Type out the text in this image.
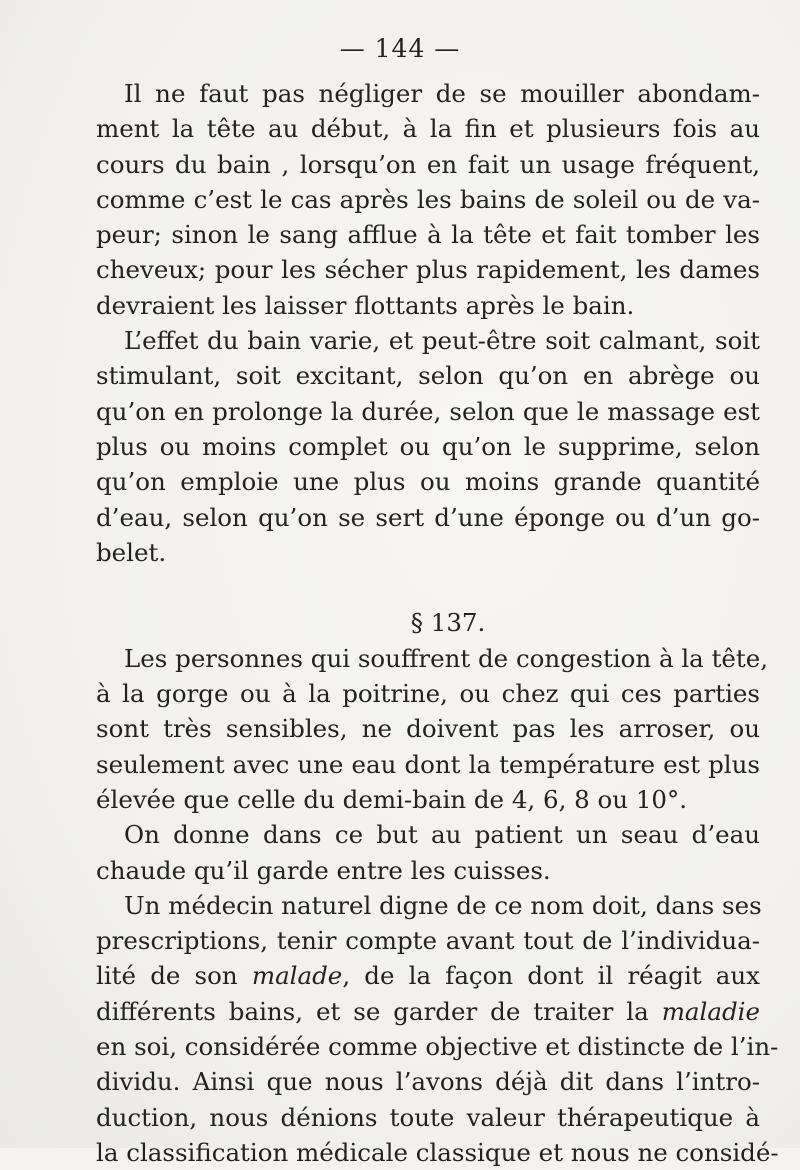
— 144 —
Il ne faut pas négliger de se mouiller abondam-
ment la tête au début, à la fin et plusieurs fois au
cours du bain , lorsqu’on en fait un usage fréquent,
comme c’est le cas après les bains de soleil ou de va-
peur; sinon le sang afflue à la tête et fait tomber les
cheveux; pour les sécher plus rapidement, les dames
devraient les laisser flottants après le bain.
L’effet du bain varie, et peut-être soit calmant, soit
stimulant, soit excitant, selon qu’on en abrège ou
qu’on en prolonge la durée, selon que le massage est
plus ou moins complet ou qu’on le supprime, selon
qu’on emploie une plus ou moins grande quantité
d’eau, selon qu’on se sert d’une éponge ou d’un go-
belet.
§ 137.
Les personnes qui souffrent de congestion à la tête,
à la gorge ou à la poitrine, ou chez qui ces parties
sont très sensibles, ne doivent pas les arroser, ou
seulement avec une eau dont la température est plus
élevée que celle du demi-bain de 4, 6, 8 ou 10°.
On donne dans ce but au patient un seau d’eau
chaude qu’il garde entre les cuisses.
Un médecin naturel digne de ce nom doit, dans ses
prescriptions, tenir compte avant tout de l’individua-
lité de son malade, de la façon dont il réagit aux
différents bains, et se garder de traiter la maladie
en soi, considérée comme objective et distincte de l’in-
dividu. Ainsi que nous l’avons déjà dit dans l’intro-
duction, nous dénions toute valeur thérapeutique à
la classification médicale classique et nous ne considé-
